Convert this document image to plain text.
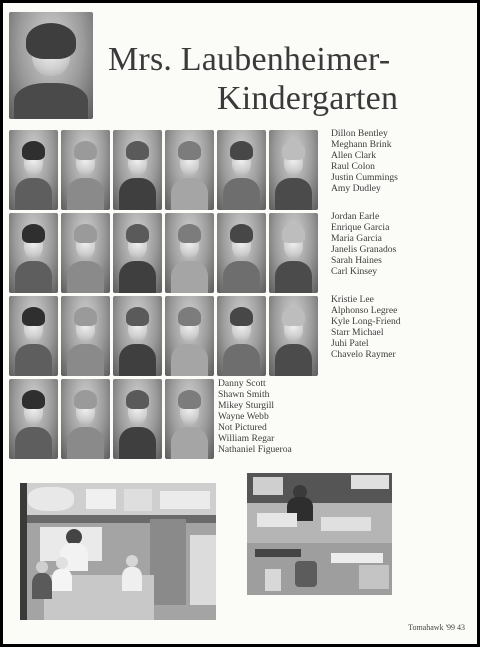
Mrs. Laubenheimer-
Kindergarten
Dillon Bentley
Meghann Brink
Allen Clark
Raul Colon
Justin Cummings
Amy Dudley
Jordan Earle
Enrique Garcia
Maria Garcia
Janelis Granados
Sarah Haines
Carl Kinsey
Kristie Lee
Alphonso Legree
Kyle Long-Friend
Starr Michael
Juhi Patel
Chavelo Raymer
Danny Scott
Shawn Smith
Mikey Sturgill
Wayne Webb
Not Pictured
William Regar
Nathaniel Figueroa
Tomahawk '99 43
